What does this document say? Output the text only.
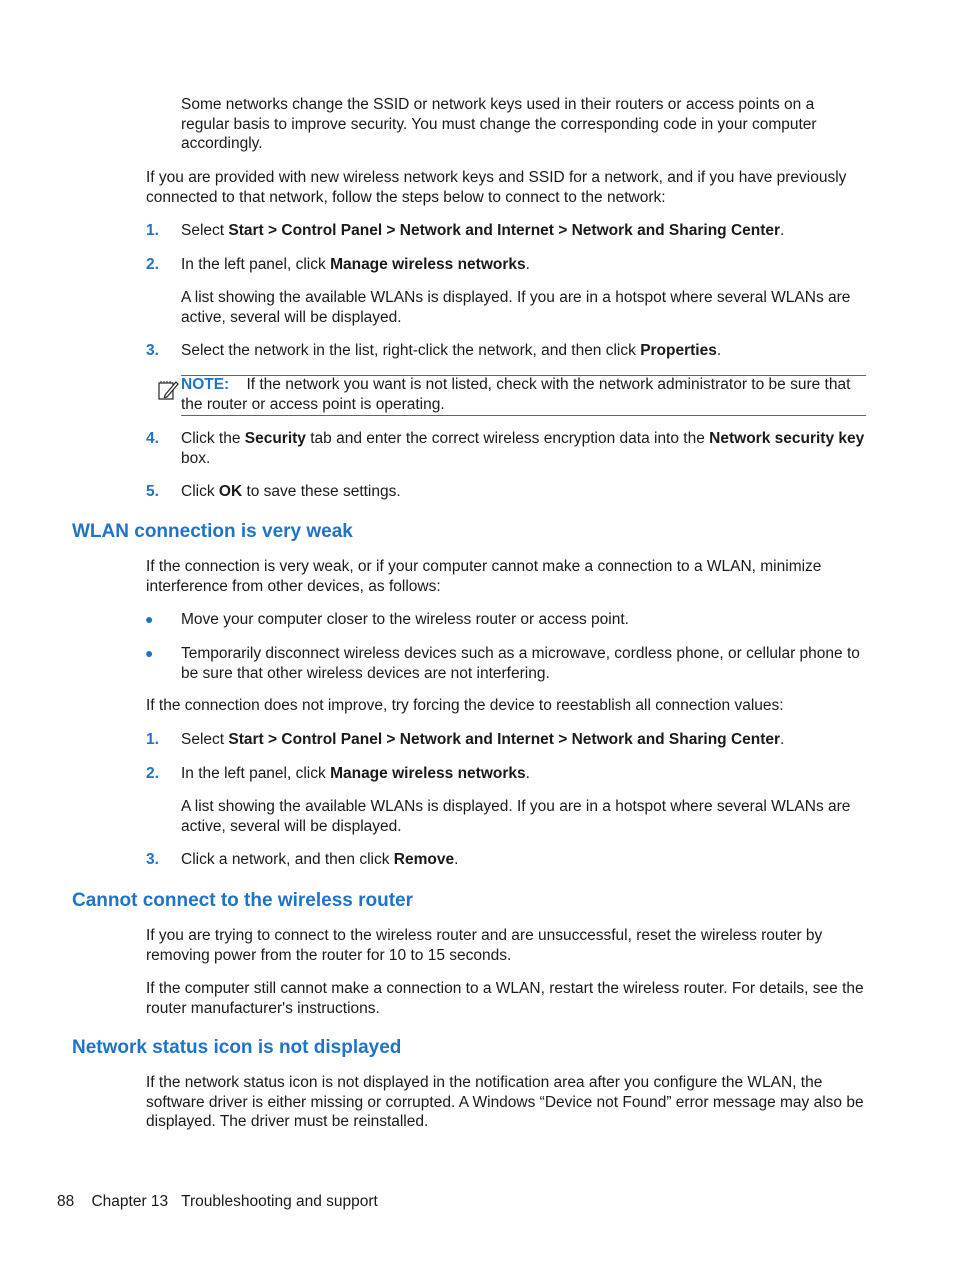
Some networks change the SSID or network keys used in their routers or access points on a regular basis to improve security. You must change the corresponding code in your computer accordingly.

If you are provided with new wireless network keys and SSID for a network, and if you have previously connected to that network, follow the steps below to connect to the network:

1.	Select Start > Control Panel > Network and Internet > Network and Sharing Center.

2.	In the left panel, click Manage wireless networks.

A list showing the available WLANs is displayed. If you are in a hotspot where several WLANs are active, several will be displayed.

3.	Select the network in the list, right-click the network, and then click Properties.

NOTE: If the network you want is not listed, check with the network administrator to be sure that the router or access point is operating.

4.	Click the Security tab and enter the correct wireless encryption data into the Network security key box.

5.	Click OK to save these settings.

WLAN connection is very weak

If the connection is very weak, or if your computer cannot make a connection to a WLAN, minimize interference from other devices, as follows:

●	Move your computer closer to the wireless router or access point.

●	Temporarily disconnect wireless devices such as a microwave, cordless phone, or cellular phone to be sure that other wireless devices are not interfering.

If the connection does not improve, try forcing the device to reestablish all connection values:

1.	Select Start > Control Panel > Network and Internet > Network and Sharing Center.

2.	In the left panel, click Manage wireless networks.

A list showing the available WLANs is displayed. If you are in a hotspot where several WLANs are active, several will be displayed.

3.	Click a network, and then click Remove.

Cannot connect to the wireless router

If you are trying to connect to the wireless router and are unsuccessful, reset the wireless router by removing power from the router for 10 to 15 seconds.

If the computer still cannot make a connection to a WLAN, restart the wireless router. For details, see the router manufacturer's instructions.

Network status icon is not displayed

If the network status icon is not displayed in the notification area after you configure the WLAN, the software driver is either missing or corrupted. A Windows “Device not Found” error message may also be displayed. The driver must be reinstalled.

88 Chapter 13 Troubleshooting and support
